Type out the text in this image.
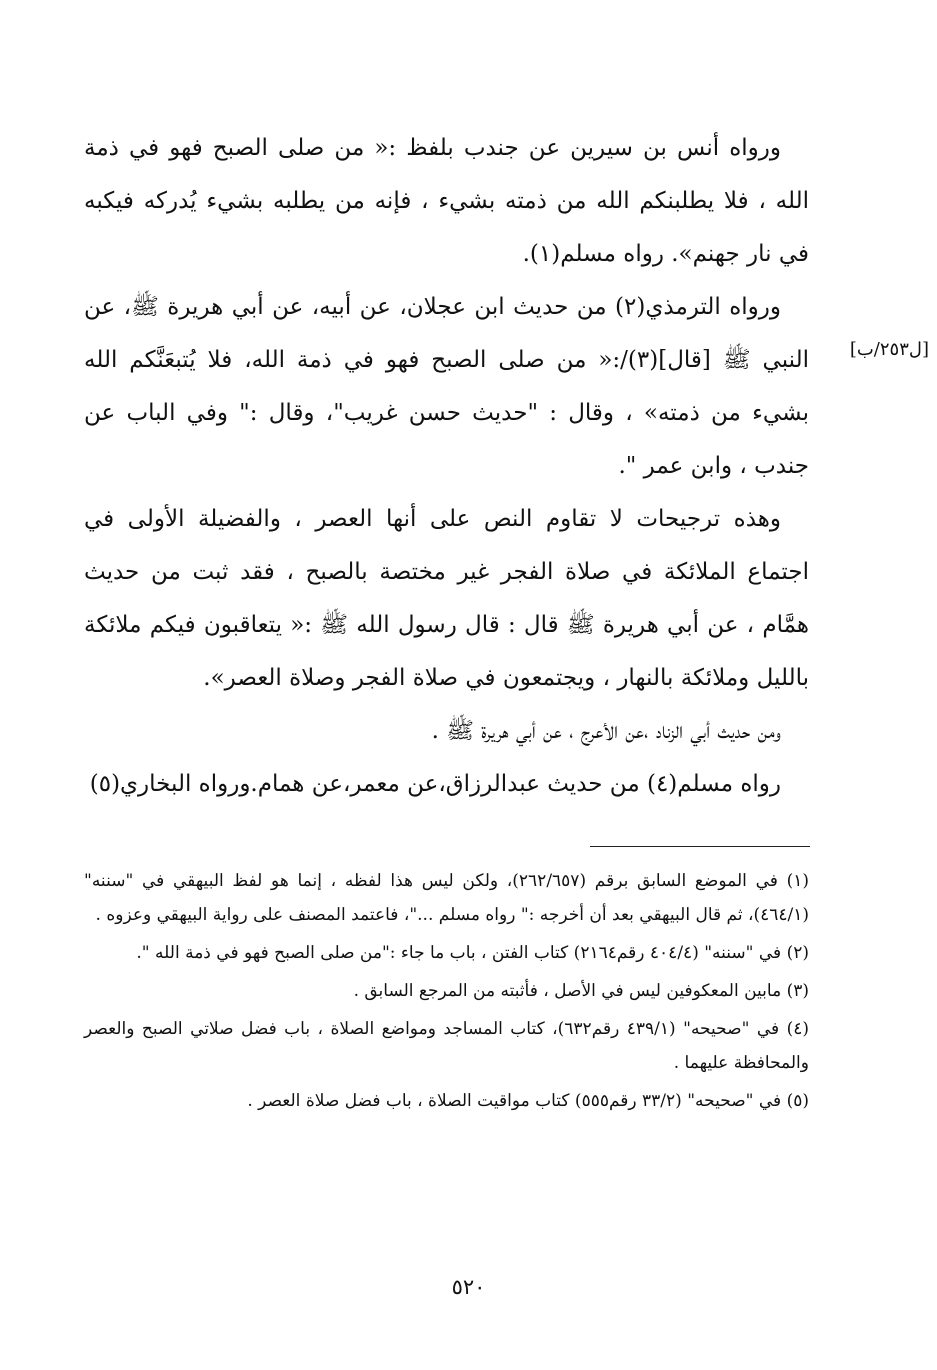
ورواه أنس بن سيرين عن جندب بلفظ :« من صلى الصبح فهو في ذمة الله ، فلا يطلبنكم الله من ذمته بشيء ، فإنه من يطلبه بشيء يُدركه فيكبه في نار جهنم». رواه مسلم(١).

ورواه الترمذي(٢) من حديث ابن عجلان، عن أبيه، عن أبي هريرة ﷺ، عن النبي ﷺ [قال](٣)/:« من صلى الصبح فهو في ذمة الله، فلا يُتبعَنَّكم الله بشيء من ذمته» ، وقال : "حديث حسن غريب"، وقال :" وفي الباب عن جندب ، وابن عمر ".

وهذه ترجيحات لا تقاوم النص على أنها العصر ، والفضيلة الأولى في اجتماع الملائكة في صلاة الفجر غير مختصة بالصبح ، فقد ثبت من حديث همَّام ، عن أبي هريرة ﷺ قال : قال رسول الله ﷺ :« يتعاقبون فيكم ملائكة بالليل وملائكة بالنهار ، ويجتمعون في صلاة الفجر وصلاة العصر».

ومن حديث أبي الزناد ،عن الأعرج ، عن أبي هريرة ﷺ .

رواه مسلم(٤) من حديث عبدالرزاق،عن معمر،عن همام.ورواه البخاري(٥)

[ل٢٥٣/ب]

(١) في الموضع السابق برقم (٢٦٢/٦٥٧)، ولكن ليس هذا لفظه ، إنما هو لفظ البيهقي في "سننه"(٤٦٤/١)، ثم قال البيهقي بعد أن أخرجه :" رواه مسلم ..."، فاعتمد المصنف على رواية البيهقي وعزوه .

(٢) في "سننه" (٤٠٤/٤ رقم٢١٦٤) كتاب الفتن ، باب ما جاء :"من صلى الصبح فهو في ذمة الله ".

(٣) مابين المعكوفين ليس في الأصل ، فأثبته من المرجع السابق .

(٤) في "صحيحه" (٤٣٩/١ رقم٦٣٢)، كتاب المساجد ومواضع الصلاة ، باب فضل صلاتي الصبح والعصر والمحافظة عليهما .

(٥) في "صحيحه" (٣٣/٢ رقم٥٥٥) كتاب مواقيت الصلاة ، باب فضل صلاة العصر .

٥٢٠
